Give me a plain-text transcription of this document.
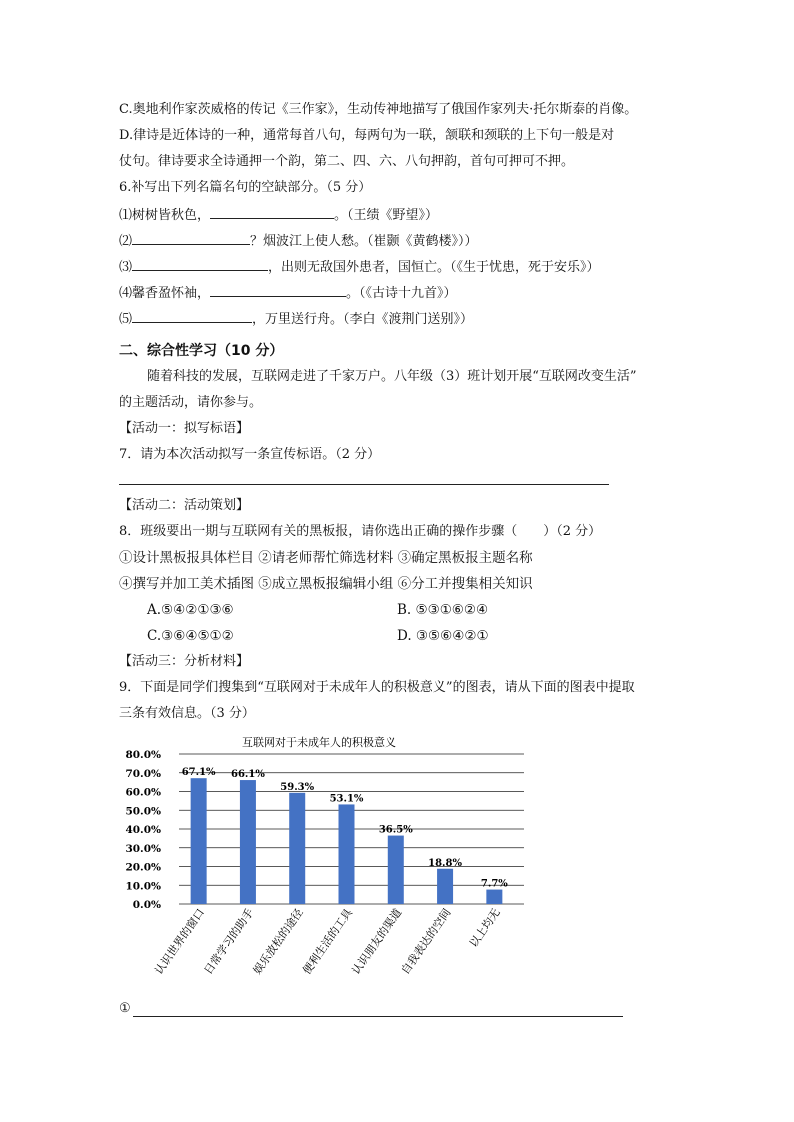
C.奥地利作家茨威格的传记《三作家》，生动传神地描写了俄国作家列夫·托尔斯泰的肖像。
D.律诗是近体诗的一种，通常每首八句，每两句为一联，颔联和颈联的上下句一般是对
仗句。律诗要求全诗通押一个韵，第二、四、六、八句押韵，首句可押可不押。
6.补写出下列名篇名句的空缺部分。（5 分）
⑴树树皆秋色，	。（王绩《野望》）
⑵	？烟波江上使人愁。（崔颢《黄鹤楼》））
⑶	，出则无敌国外患者，国恒亡。（《生于忧患，死于安乐》）
⑷馨香盈怀袖，	。（《古诗十九首》）
⑸	，万里送行舟。（李白《渡荆门送别》）
二、综合性学习（10 分）
随着科技的发展，互联网走进了千家万户。八年级（3）班计划开展“互联网改变生活”
的主题活动，请你参与。
【活动一：拟写标语】
7．请为本次活动拟写一条宣传标语。（2 分）
【活动二：活动策划】
8．班级要出一期与互联网有关的黑板报，请你选出正确的操作步骤（　　）（2 分）
①设计黑板报具体栏目 ②请老师帮忙筛选材料 ③确定黑板报主题名称
④撰写并加工美术插图 ⑤成立黑板报编辑小组 ⑥分工并搜集相关知识
A.⑤④②①③⑥	B. ⑤③①⑥②④
C.③⑥④⑤①②	D. ③⑤⑥④②①
【活动三：分析材料】
9．下面是同学们搜集到“互联网对于未成年人的积极意义”的图表，请从下面的图表中提取
三条有效信息。（3 分）
互联网对于未成年人的积极意义
0.0%
10.0%
20.0%
30.0%
40.0%
50.0%
60.0%
70.0%
80.0%
67.1% 66.1%
59.3%
53.1%
36.5%
18.8%
7.7%
认识世界的窗口
日常学习的助手
娱乐放松的途径
便利生活的工具
认识朋友的渠道
自我表达的空间 以上均无
①
